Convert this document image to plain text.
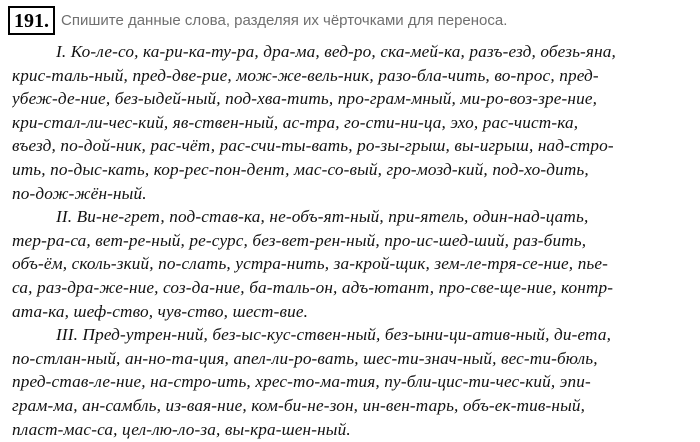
191. Спишите данные слова, разделяя их чёрточками для переноса.
I. Ко-ле-со, ка-ри-ка-ту-ра, дра-ма, вед-ро, ска-мей-ка, разъ-езд, обезь-яна,
крис-таль-ный, пред-две-рие, мож-же-вель-ник, разо-бла-чить, во-прос, пред-
убеж-де-ние, без-ыдей-ный, под-хва-тить, про-грам-мный, ми-ро-воз-зре-ние,
кри-стал-ли-чес-кий, яв-ствен-ный, ас-тра, го-сти-ни-ца, эхо, рас-чист-ка,
въезд, по-дой-ник, рас-чёт, рас-счи-ты-вать, ро-зы-грыш, вы-игрыш, над-стро-
ить, по-дыс-кать, кор-рес-пон-дент, мас-со-вый, гро-мозд-кий, под-хо-дить,
по-дож-жён-ный.
II. Ви-не-грет, под-став-ка, не-объ-ят-ный, при-ятель, один-над-цать,
тер-ра-са, вет-ре-ный, ре-сурс, без-вет-рен-ный, про-ис-шед-ший, раз-бить,
объ-ём, сколь-зкий, по-слать, устра-нить, за-крой-щик, зем-ле-тря-се-ние, пье-
са, раз-дра-же-ние, соз-да-ние, ба-таль-он, адъ-ютант, про-све-ще-ние, контр-
ата-ка, шеф-ство, чув-ство, шест-вие.
III. Пред-утрен-ний, без-ыс-кус-ствен-ный, без-ыни-ци-атив-ный, ди-ета,
по-стлан-ный, ан-но-та-ция, апел-ли-ро-вать, шес-ти-знач-ный, вес-ти-бюль,
пред-став-ле-ние, на-стро-ить, хрес-то-ма-тия, пу-бли-цис-ти-чес-кий, эпи-
грам-ма, ан-самбль, из-вая-ние, ком-би-не-зон, ин-вен-тарь, объ-ек-тив-ный,
пласт-мас-са, цел-лю-ло-за, вы-кра-шен-ный.
